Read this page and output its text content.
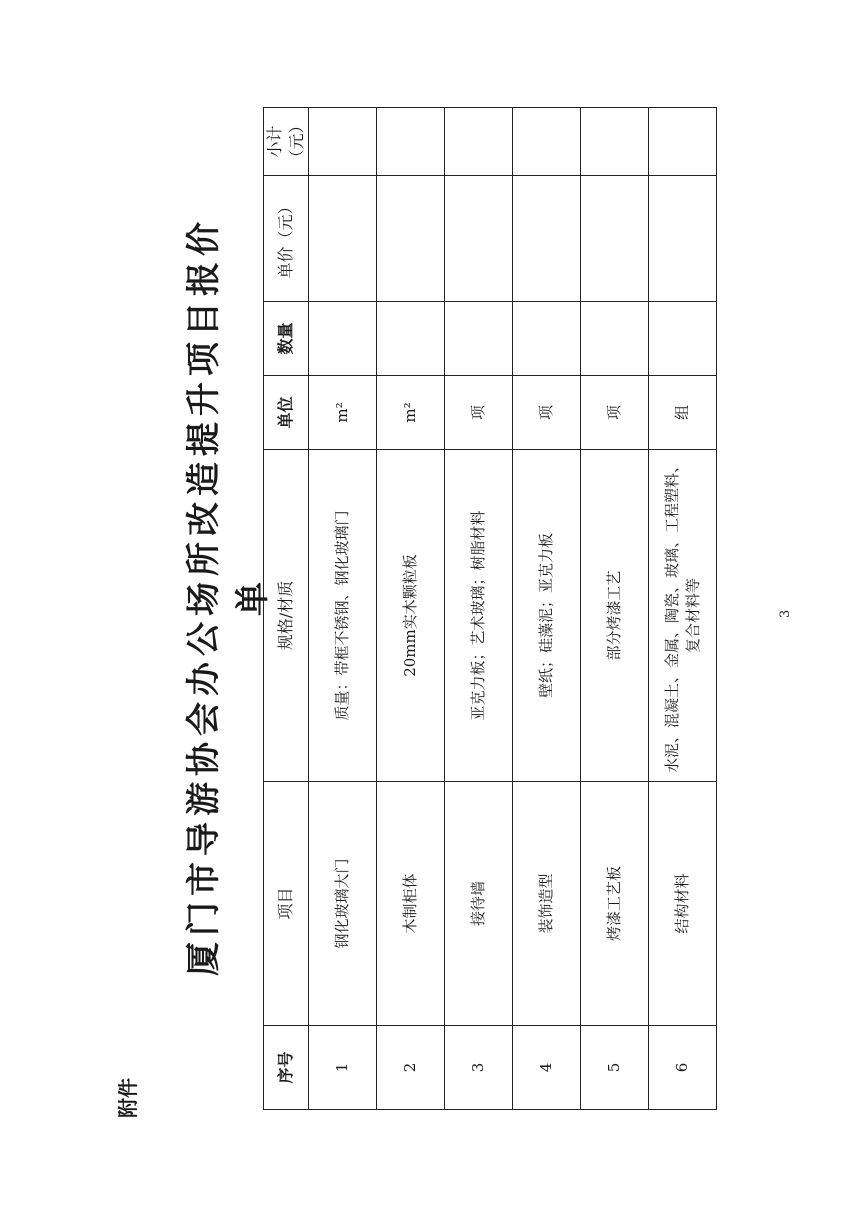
附件
厦门市导游协会办公场所改造提升项目报价单
序号	项目	规格/材质	单位	数量	单价（元）	小计（元）
1	钢化玻璃大门	质量：带框不锈钢、钢化玻璃门	m²			
2	木制柜体	20mm实木颗粒板	m²			
3	接待墙	亚克力板；艺术玻璃；树脂材料	项			
4	装饰造型	壁纸；硅藻泥；亚克力板	项			
5	烤漆工艺板	部分烤漆工艺	项			
6	结构材料	水泥、混凝土、金属、陶瓷、玻璃、工程塑料、复合材料等	组			
3
